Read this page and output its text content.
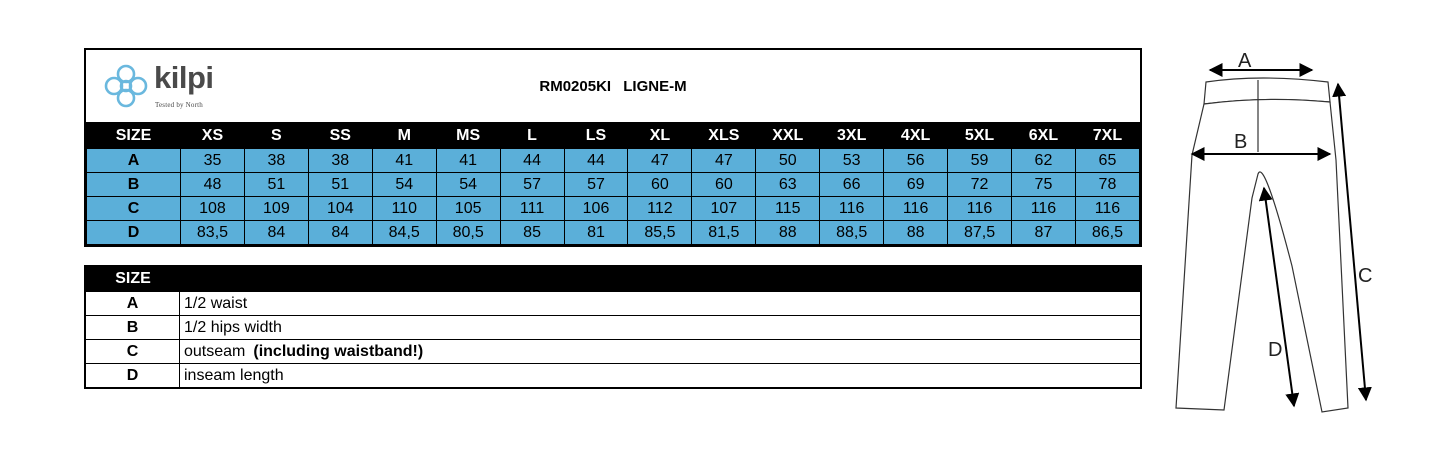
kilpi
Tested by North
RM0205KI LIGNE-M
SIZE	XS	S	SS	M	MS	L	LS	XL	XLS	XXL	3XL	4XL	5XL	6XL	7XL
A	35	38	38	41	41	44	44	47	47	50	53	56	59	62	65
B	48	51	51	54	54	57	57	60	60	63	66	69	72	75	78
C	108	109	104	110	105	111	106	112	107	115	116	116	116	116	116
D	83,5	84	84	84,5	80,5	85	81	85,5	81,5	88	88,5	88	87,5	87	86,5
SIZE
A	1/2 waist
B	1/2 hips width
C	outseam (including waistband!)
D	inseam length
A
B
C
D
